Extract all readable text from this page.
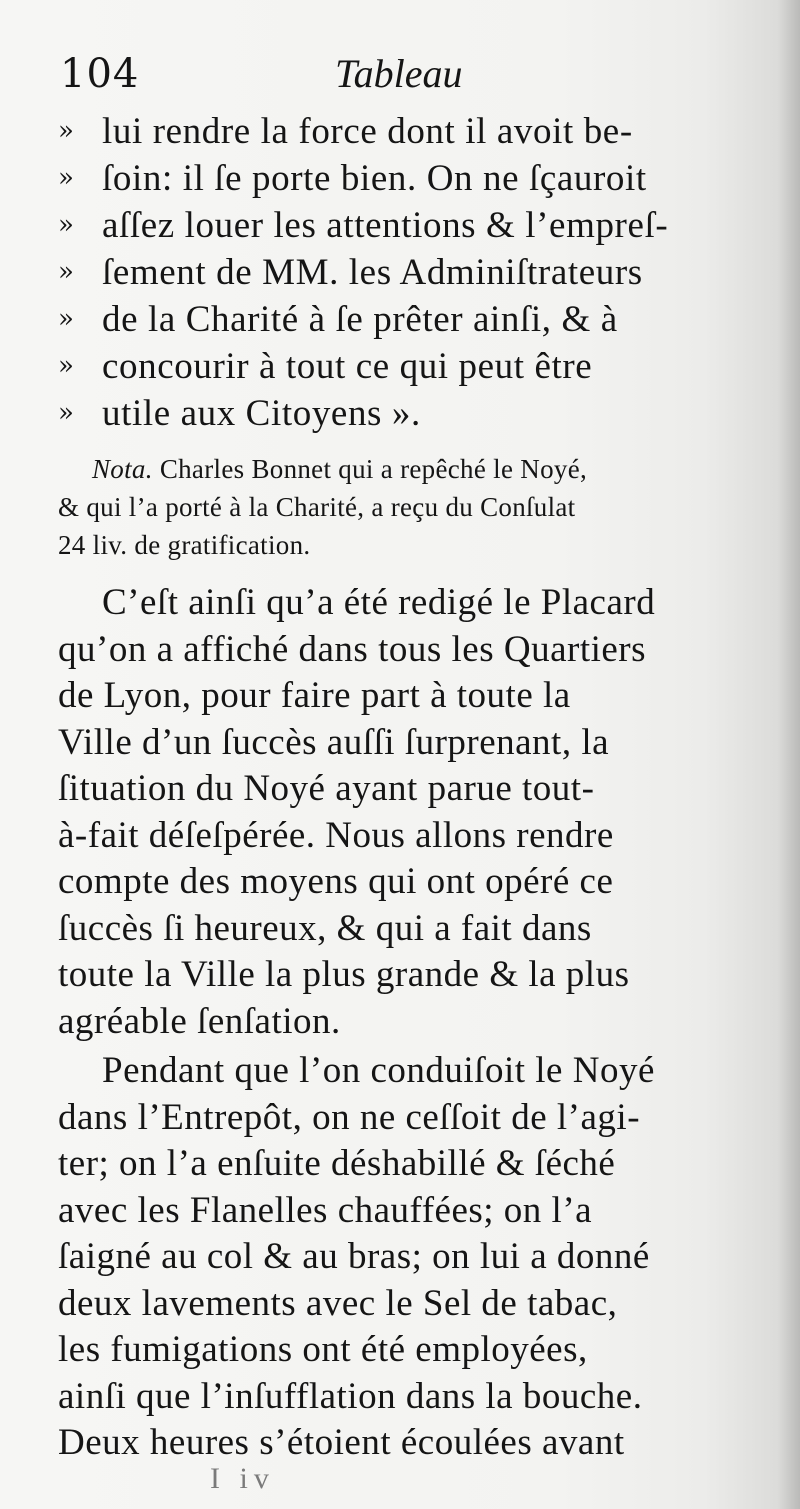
104	Tableau
» lui rendre la force dont il avoit be-
» ſoin: il ſe porte bien. On ne ſçauroit
» aſſez louer les attentions & l’empreſ-
» ſement de MM. les Adminiſtrateurs
» de la Charité à ſe prêter ainſi, & à
» concourir à tout ce qui peut être
» utile aux Citoyens ».
Nota. Charles Bonnet qui a repêché le Noyé,
& qui l’a porté à la Charité, a reçu du Conſulat
24 liv. de gratification.
C’eſt ainſi qu’a été redigé le Placard
qu’on a affiché dans tous les Quartiers
de Lyon, pour faire part à toute la
Ville d’un ſuccès auſſi ſurprenant, la
ſituation du Noyé ayant parue tout-
à-fait déſeſpérée. Nous allons rendre
compte des moyens qui ont opéré ce
ſuccès ſi heureux, & qui a fait dans
toute la Ville la plus grande & la plus
agréable ſenſation.
Pendant que l’on conduiſoit le Noyé
dans l’Entrepôt, on ne ceſſoit de l’agi-
ter; on l’a enſuite déshabillé & ſéché
avec les Flanelles chauffées; on l’a
ſaigné au col & au bras; on lui a donné
deux lavements avec le Sel de tabac,
les fumigations ont été employées,
ainſi que l’inſufflation dans la bouche.
Deux heures s’étoient écoulées avant
I iv
